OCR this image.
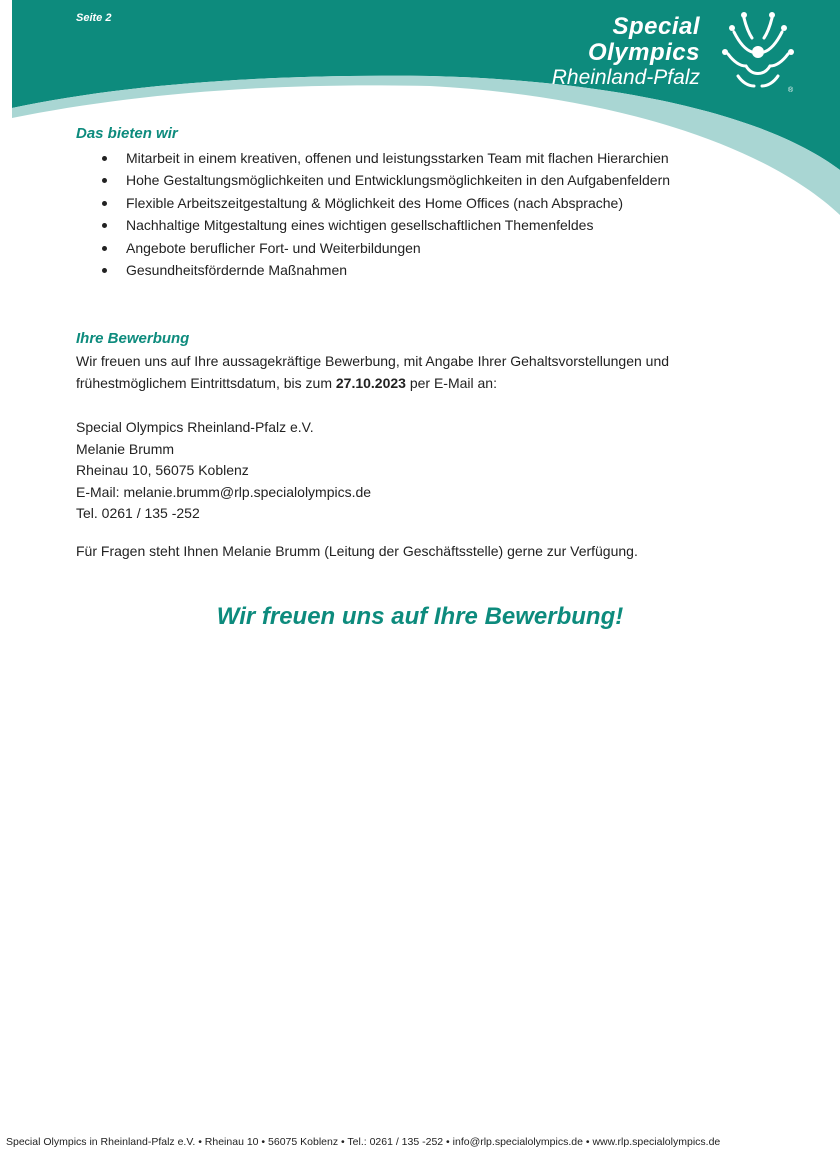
Seite 2	Special
Olympics
Rheinland-Pfalz
®
Das bieten wir
Mitarbeit in einem kreativen, offenen und leistungsstarken Team mit flachen Hierarchien
Hohe Gestaltungsmöglichkeiten und Entwicklungsmöglichkeiten in den Aufgabenfeldern
Flexible Arbeitszeitgestaltung & Möglichkeit des Home Offices (nach Absprache)
Nachhaltige Mitgestaltung eines wichtigen gesellschaftlichen Themenfeldes
Angebote beruflicher Fort- und Weiterbildungen
Gesundheitsfördernde Maßnahmen
Ihre Bewerbung
Wir freuen uns auf Ihre aussagekräftige Bewerbung, mit Angabe Ihrer Gehaltsvorstellungen und
frühestmöglichem Eintrittsdatum, bis zum 27.10.2023 per E-Mail an:
Special Olympics Rheinland-Pfalz e.V.
Melanie Brumm
Rheinau 10, 56075 Koblenz
E-Mail: melanie.brumm@rlp.specialolympics.de
Tel. 0261 / 135 -252
Für Fragen steht Ihnen Melanie Brumm (Leitung der Geschäftsstelle) gerne zur Verfügung.
Wir freuen uns auf Ihre Bewerbung!
Special Olympics in Rheinland-Pfalz e.V. • Rheinau 10 • 56075 Koblenz • Tel.: 0261 / 135 -252 • info@rlp.specialolympics.de • www.rlp.specialolympics.de
